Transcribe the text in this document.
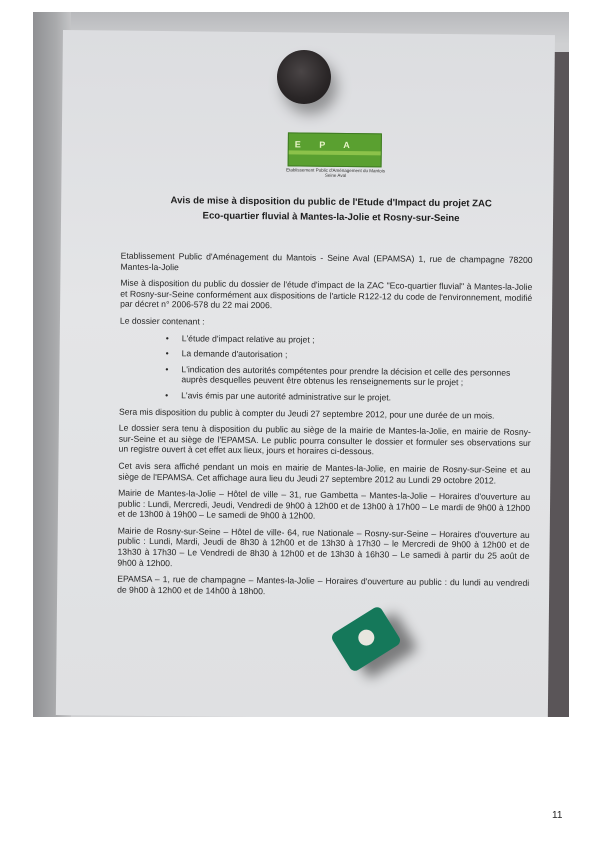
E P A
Etablissement Public d'Aménagement du Mantois Seine Aval
Avis de mise à disposition du public de l'Etude d'Impact du projet ZAC
Eco-quartier fluvial à Mantes-la-Jolie et Rosny-sur-Seine

Etablissement Public d'Aménagement du Mantois - Seine Aval (EPAMSA) 1, rue de champagne 78200 Mantes-la-Jolie

Mise à disposition du public du dossier de l'étude d'impact de la ZAC "Eco-quartier fluvial" à Mantes-la-Jolie et Rosny-sur-Seine conformément aux dispositions de l'article R122-12 du code de l'environnement, modifié par décret n° 2006-578 du 22 mai 2006.

Le dossier contenant :

• L'étude d'impact relative au projet ;
• La demande d'autorisation ;
• L'indication des autorités compétentes pour prendre la décision et celle des personnes auprès desquelles peuvent être obtenus les renseignements sur le projet ;
• L'avis émis par une autorité administrative sur le projet.

Sera mis disposition du public à compter du Jeudi 27 septembre 2012, pour une durée de un mois.

Le dossier sera tenu à disposition du public au siège de la mairie de Mantes-la-Jolie, en mairie de Rosny-sur-Seine et au siège de l'EPAMSA. Le public pourra consulter le dossier et formuler ses observations sur un registre ouvert à cet effet aux lieux, jours et horaires ci-dessous.

Cet avis sera affiché pendant un mois en mairie de Mantes-la-Jolie, en mairie de Rosny-sur-Seine et au siège de l'EPAMSA. Cet affichage aura lieu du Jeudi 27 septembre 2012 au Lundi 29 octobre 2012.

Mairie de Mantes-la-Jolie – Hôtel de ville – 31, rue Gambetta – Mantes-la-Jolie – Horaires d'ouverture au public : Lundi, Mercredi, Jeudi, Vendredi de 9h00 à 12h00 et de 13h00 à 17h00 – Le mardi de 9h00 à 12h00 et de 13h00 à 19h00 – Le samedi de 9h00 à 12h00.

Mairie de Rosny-sur-Seine – Hôtel de ville- 64, rue Nationale – Rosny-sur-Seine – Horaires d'ouverture au public : Lundi, Mardi, Jeudi de 8h30 à 12h00 et de 13h30 à 17h30 – le Mercredi de 9h00 à 12h00 et de 13h30 à 17h30 – Le Vendredi de 8h30 à 12h00 et de 13h30 à 16h30 – Le samedi à partir du 25 août de 9h00 à 12h00.

EPAMSA – 1, rue de champagne – Mantes-la-Jolie – Horaires d'ouverture au public : du lundi au vendredi de 9h00 à 12h00 et de 14h00 à 18h00.

11
